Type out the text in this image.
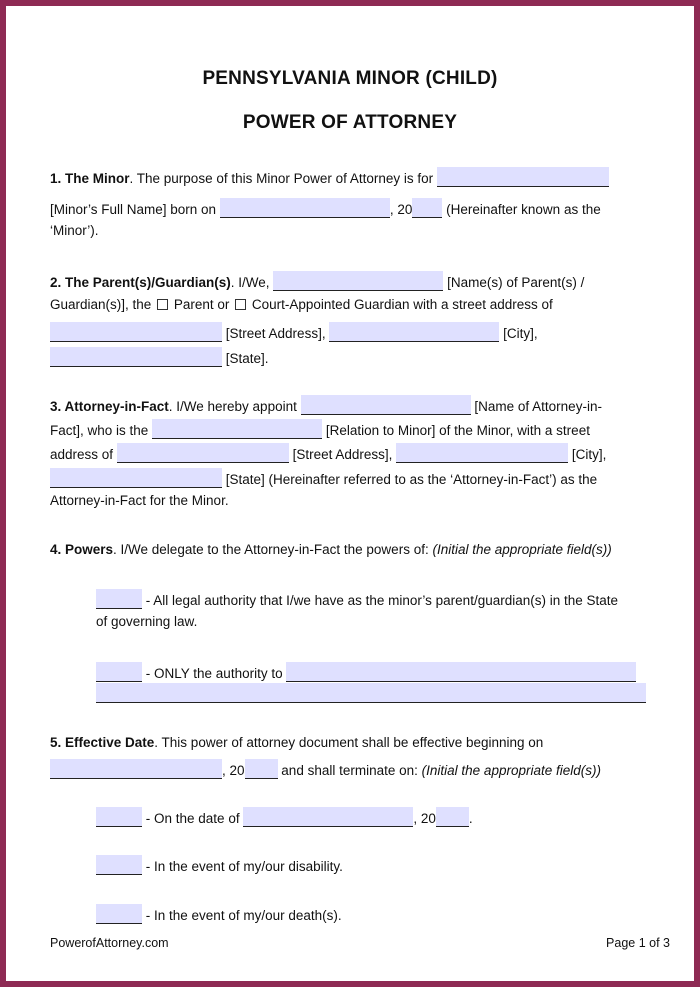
PENNSYLVANIA MINOR (CHILD)
POWER OF ATTORNEY
1. The Minor. The purpose of this Minor Power of Attorney is for
[Minor’s Full Name] born on	, 20	(Hereinafter known as the
‘Minor’).
2. The Parent(s)/Guardian(s). I/We,	[Name(s) of Parent(s) /
Guardian(s)], the Parent or Court-Appointed Guardian with a street address of
[Street Address],	[City],
[State].
3. Attorney-in-Fact. I/We hereby appoint	[Name of Attorney-in-
Fact], who is the	[Relation to Minor] of the Minor, with a street
address of	[Street Address],	[City],
[State] (Hereinafter referred to as the ‘Attorney-in-Fact’) as the
Attorney-in-Fact for the Minor.
4. Powers. I/We delegate to the Attorney-in-Fact the powers of: (Initial the appropriate field(s))
- All legal authority that I/we have as the minor’s parent/guardian(s) in the State
of governing law.
- ONLY the authority to
5. Effective Date. This power of attorney document shall be effective beginning on
, 20	and shall terminate on: (Initial the appropriate field(s))
- On the date of	, 20 .
- In the event of my/our disability.
- In the event of my/our death(s).
PowerofAttorney.com	Page 1 of 3
